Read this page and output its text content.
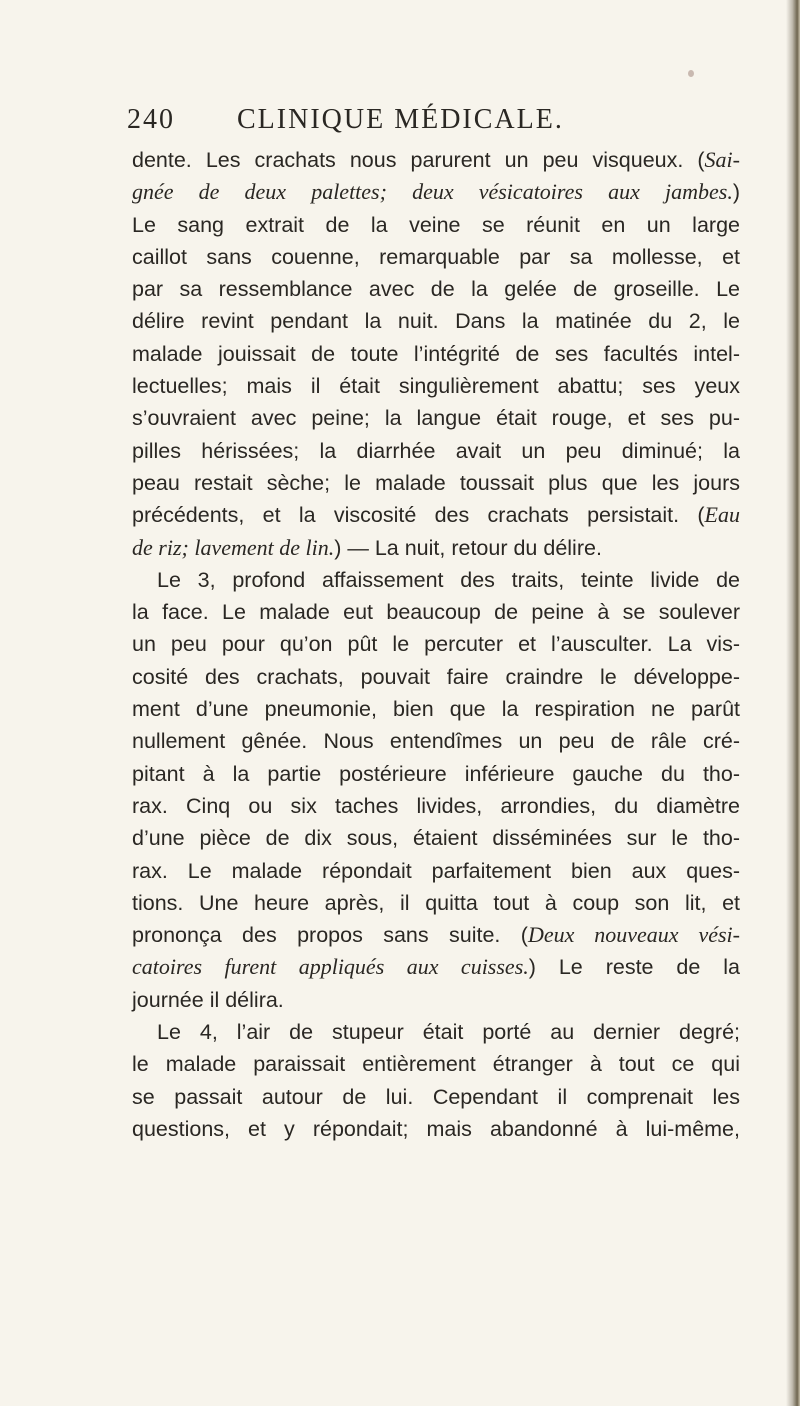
240 CLINIQUE MÉDICALE.
dente. Les crachats nous parurent un peu visqueux. (Sai-
gnée de deux palettes; deux vésicatoires aux jambes.)
Le sang extrait de la veine se réunit en un large
caillot sans couenne, remarquable par sa mollesse, et
par sa ressemblance avec de la gelée de groseille. Le
délire revint pendant la nuit. Dans la matinée du 2, le
malade jouissait de toute l’intégrité de ses facultés intel-
lectuelles; mais il était singulièrement abattu; ses yeux
s’ouvraient avec peine; la langue était rouge, et ses pu-
pilles hérissées; la diarrhée avait un peu diminué; la
peau restait sèche; le malade toussait plus que les jours
précédents, et la viscosité des crachats persistait. (Eau
de riz; lavement de lin.) — La nuit, retour du délire.
Le 3, profond affaissement des traits, teinte livide de
la face. Le malade eut beaucoup de peine à se soulever
un peu pour qu’on pût le percuter et l’ausculter. La vis-
cosité des crachats, pouvait faire craindre le développe-
ment d’une pneumonie, bien que la respiration ne parût
nullement gênée. Nous entendîmes un peu de râle cré-
pitant à la partie postérieure inférieure gauche du tho-
rax. Cinq ou six taches livides, arrondies, du diamètre
d’une pièce de dix sous, étaient disséminées sur le tho-
rax. Le malade répondait parfaitement bien aux ques-
tions. Une heure après, il quitta tout à coup son lit, et
prononça des propos sans suite. (Deux nouveaux vési-
catoires furent appliqués aux cuisses.) Le reste de la
journée il délira.
Le 4, l’air de stupeur était porté au dernier degré;
le malade paraissait entièrement étranger à tout ce qui
se passait autour de lui. Cependant il comprenait les
questions, et y répondait; mais abandonné à lui-même,
